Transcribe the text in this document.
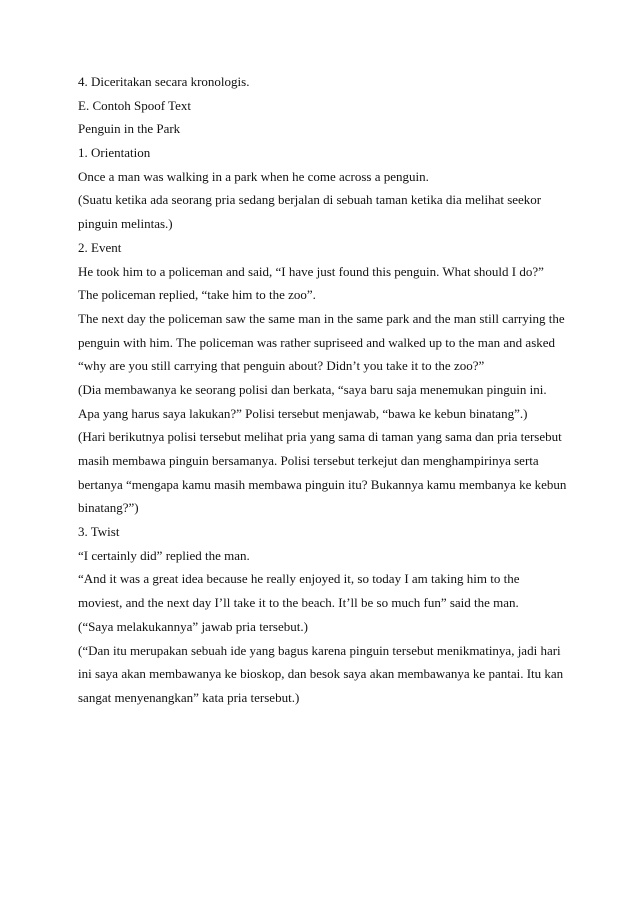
4. Diceritakan secara kronologis.
E. Contoh Spoof Text
Penguin in the Park
1. Orientation
Once a man was walking in a park when he come across a penguin.
(Suatu ketika ada seorang pria sedang berjalan di sebuah taman ketika dia melihat seekor
pinguin melintas.)
2. Event
He took him to a policeman and said, “I have just found this penguin. What should I do?”
The policeman replied, “take him to the zoo”.
The next day the policeman saw the same man in the same park and the man still carrying the
penguin with him. The policeman was rather supriseed and walked up to the man and asked
“why are you still carrying that penguin about? Didn’t you take it to the zoo?”
(Dia membawanya ke seorang polisi dan berkata, “saya baru saja menemukan pinguin ini.
Apa yang harus saya lakukan?” Polisi tersebut menjawab, “bawa ke kebun binatang”.)
(Hari berikutnya polisi tersebut melihat pria yang sama di taman yang sama dan pria tersebut
masih membawa pinguin bersamanya. Polisi tersebut terkejut dan menghampirinya serta
bertanya “mengapa kamu masih membawa pinguin itu? Bukannya kamu membanya ke kebun
binatang?”)
3. Twist
“I certainly did” replied the man.
“And it was a great idea because he really enjoyed it, so today I am taking him to the
moviest, and the next day I’ll take it to the beach. It’ll be so much fun” said the man.
(“Saya melakukannya” jawab pria tersebut.)
(“Dan itu merupakan sebuah ide yang bagus karena pinguin tersebut menikmatinya, jadi hari
ini saya akan membawanya ke bioskop, dan besok saya akan membawanya ke pantai. Itu kan
sangat menyenangkan” kata pria tersebut.)
